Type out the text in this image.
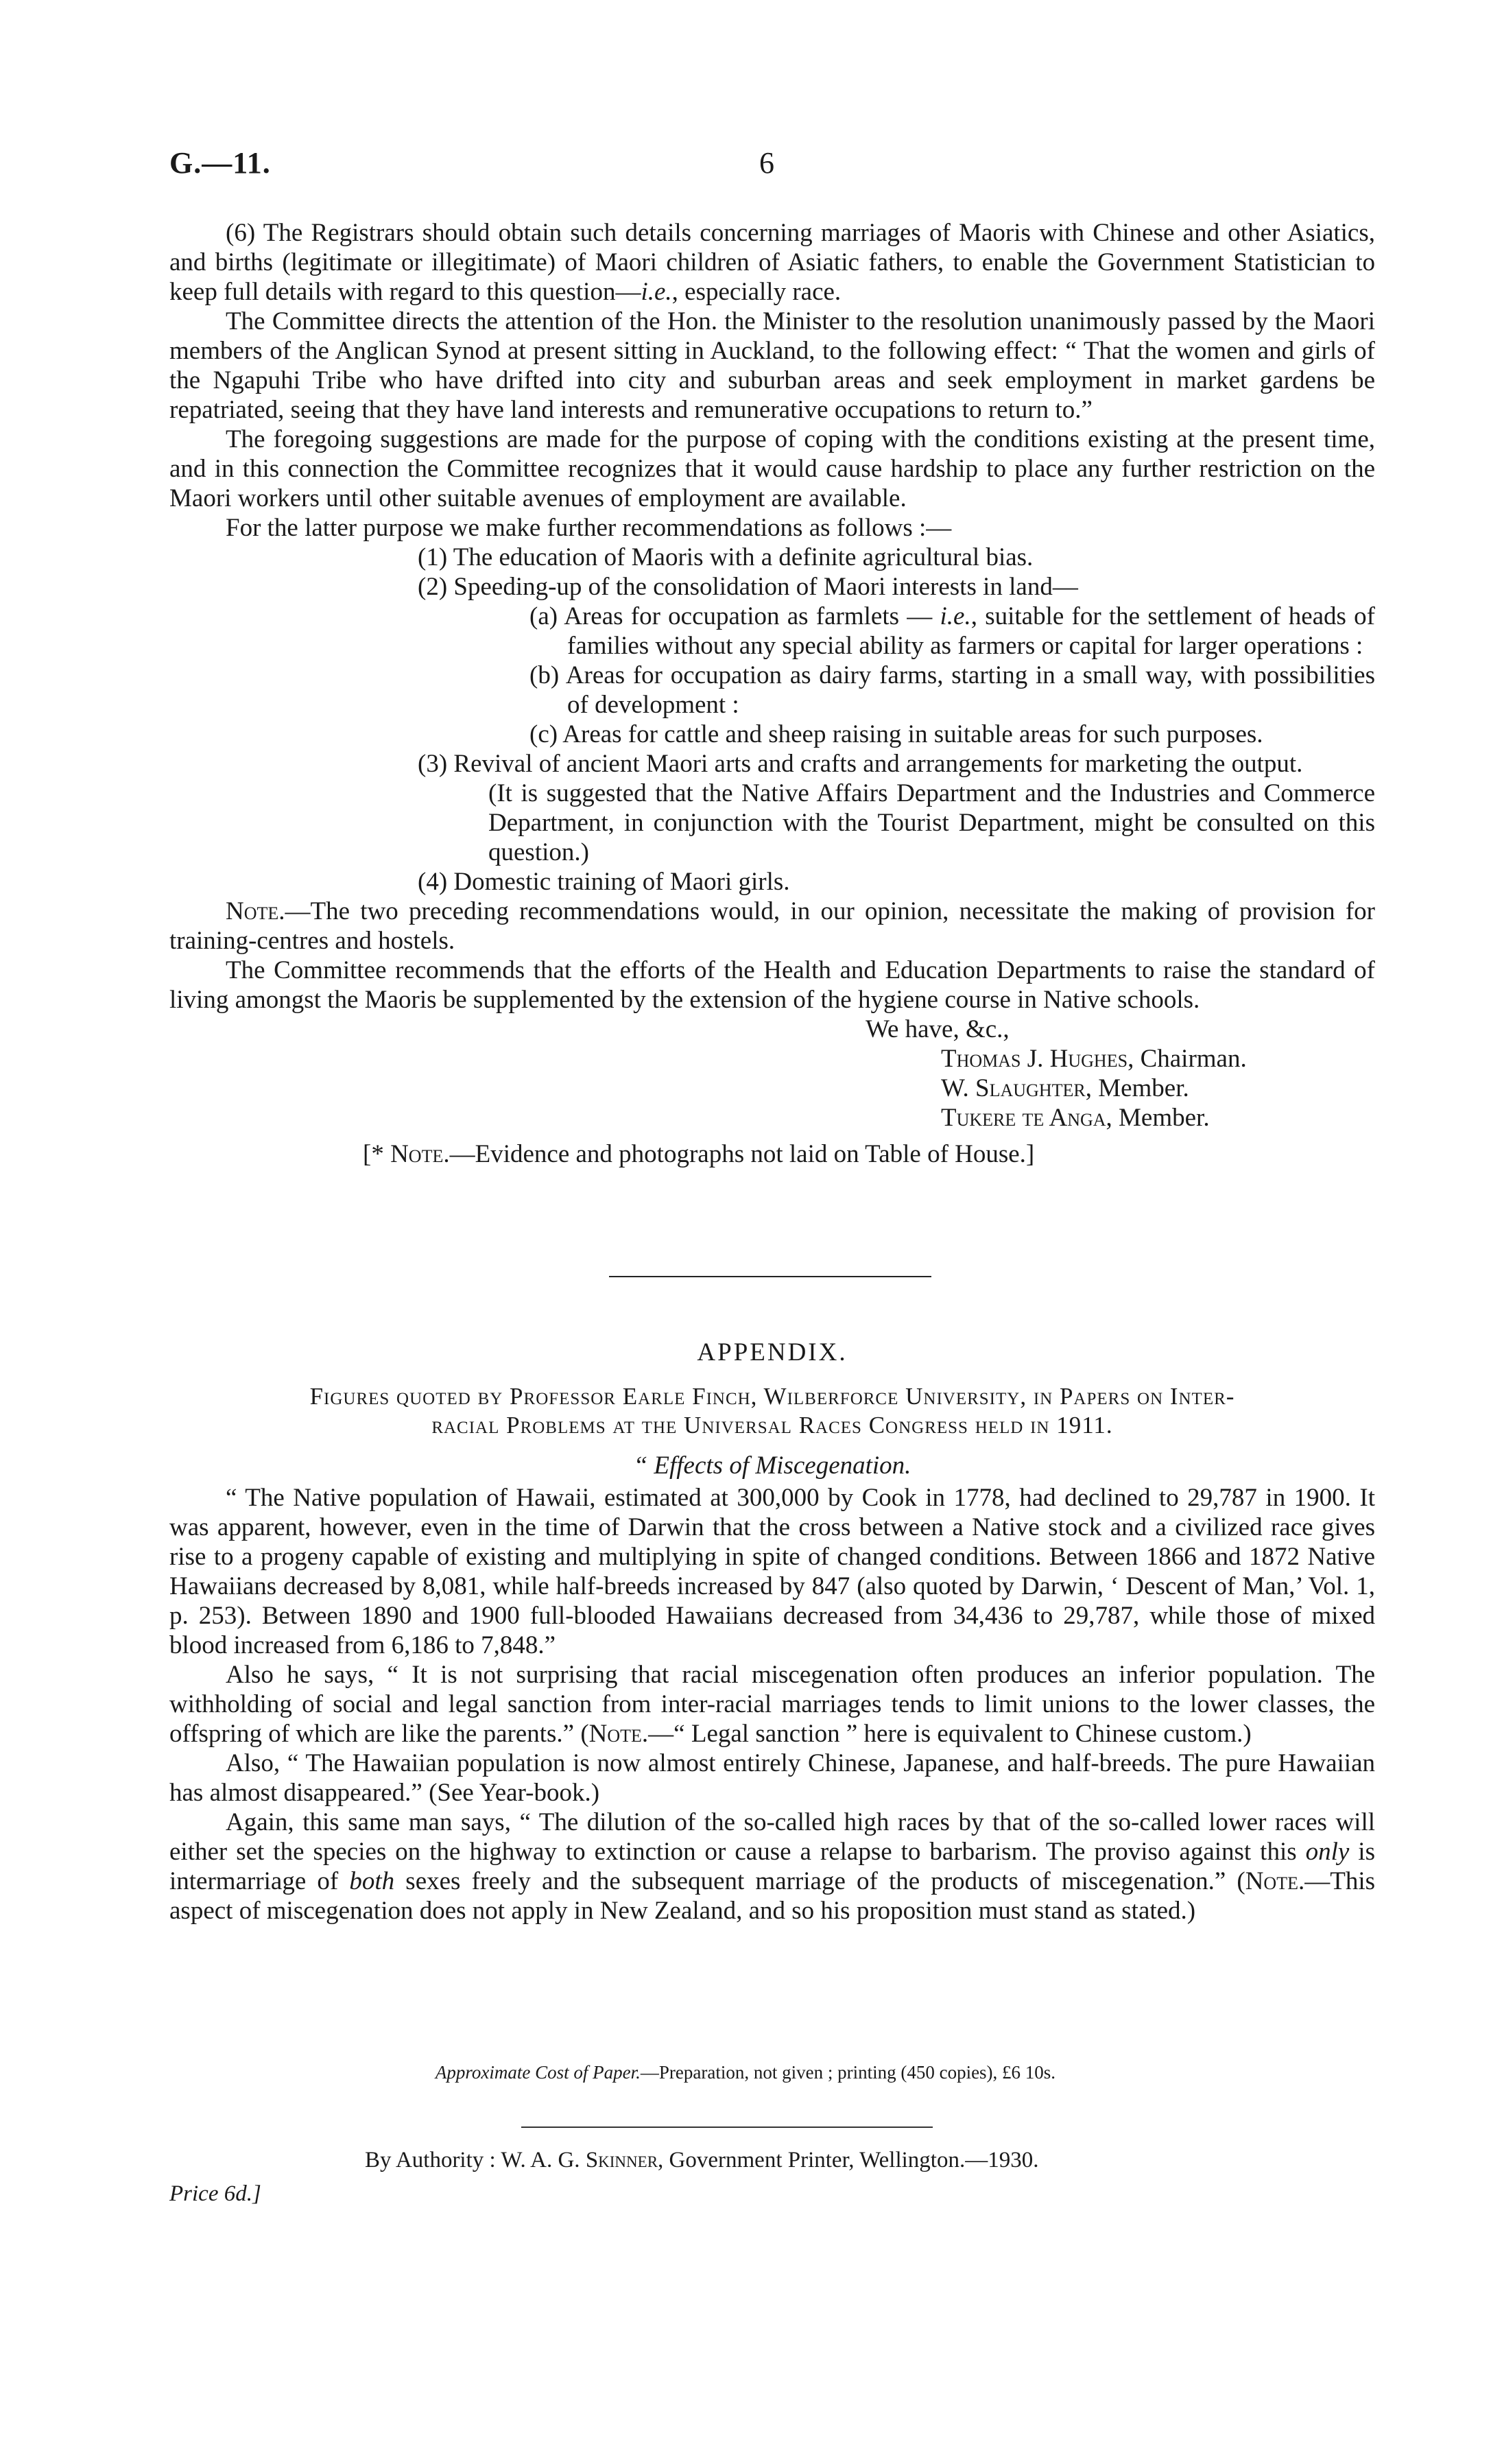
G.—11.	6

(6) The Registrars should obtain such details concerning marriages of Maoris with Chinese and other Asiatics, and births (legitimate or illegitimate) of Maori children of Asiatic fathers, to enable the Government Statistician to keep full details with regard to this question—i.e., especially race.

The Committee directs the attention of the Hon. the Minister to the resolution unanimously passed by the Maori members of the Anglican Synod at present sitting in Auckland, to the following effect: “ That the women and girls of the Ngapuhi Tribe who have drifted into city and suburban areas and seek employment in market gardens be repatriated, seeing that they have land interests and remunerative occupations to return to.”

The foregoing suggestions are made for the purpose of coping with the conditions existing at the present time, and in this connection the Committee recognizes that it would cause hardship to place any further restriction on the Maori workers until other suitable avenues of employment are available.

For the latter purpose we make further recommendations as follows :—

(1) The education of Maoris with a definite agricultural bias.

(2) Speeding-up of the consolidation of Maori interests in land—

(a) Areas for occupation as farmlets — i.e., suitable for the settlement of heads of families without any special ability as farmers or capital for larger operations :

(b) Areas for occupation as dairy farms, starting in a small way, with possibilities of development :

(c) Areas for cattle and sheep raising in suitable areas for such purposes.

(3) Revival of ancient Maori arts and crafts and arrangements for marketing the output.

(It is suggested that the Native Affairs Department and the Industries and Commerce Department, in conjunction with the Tourist Department, might be consulted on this question.)

(4) Domestic training of Maori girls.

Note.—The two preceding recommendations would, in our opinion, necessitate the making of provision for training-centres and hostels.

The Committee recommends that the efforts of the Health and Education Departments to raise the standard of living amongst the Maoris be supplemented by the extension of the hygiene course in Native schools.

We have, &c.,

Thomas J. Hughes, Chairman.

W. Slaughter, Member.

Tukere te Anga, Member.

[* Note.—Evidence and photographs not laid on Table of House.]

APPENDIX.

Figures quoted by Professor Earle Finch, Wilberforce University, in Papers on Inter-

racial Problems at the Universal Races Congress held in 1911.

“ Effects of Miscegenation.

“ The Native population of Hawaii, estimated at 300,000 by Cook in 1778, had declined to 29,787 in 1900. It was apparent, however, even in the time of Darwin that the cross between a Native stock and a civilized race gives rise to a progeny capable of existing and multiplying in spite of changed conditions. Between 1866 and 1872 Native Hawaiians decreased by 8,081, while half-breeds increased by 847 (also quoted by Darwin, ‘ Descent of Man,’ Vol. 1, p. 253). Between 1890 and 1900 full-blooded Hawaiians decreased from 34,436 to 29,787, while those of mixed blood increased from 6,186 to 7,848.”

Also he says, “ It is not surprising that racial miscegenation often produces an inferior population. The withholding of social and legal sanction from inter-racial marriages tends to limit unions to the lower classes, the offspring of which are like the parents.” (Note.—“ Legal sanction ” here is equivalent to Chinese custom.)

Also, “ The Hawaiian population is now almost entirely Chinese, Japanese, and half-breeds. The pure Hawaiian has almost disappeared.” (See Year-book.)

Again, this same man says, “ The dilution of the so-called high races by that of the so-called lower races will either set the species on the highway to extinction or cause a relapse to barbarism. The proviso against this only is intermarriage of both sexes freely and the subsequent marriage of the products of miscegenation.” (Note.—This aspect of miscegenation does not apply in New Zealand, and so his proposition must stand as stated.)

Approximate Cost of Paper.—Preparation, not given ; printing (450 copies), £6 10s.
By Authority : W. A. G. Skinner, Government Printer, Wellington.—1930.
Price 6d.]
